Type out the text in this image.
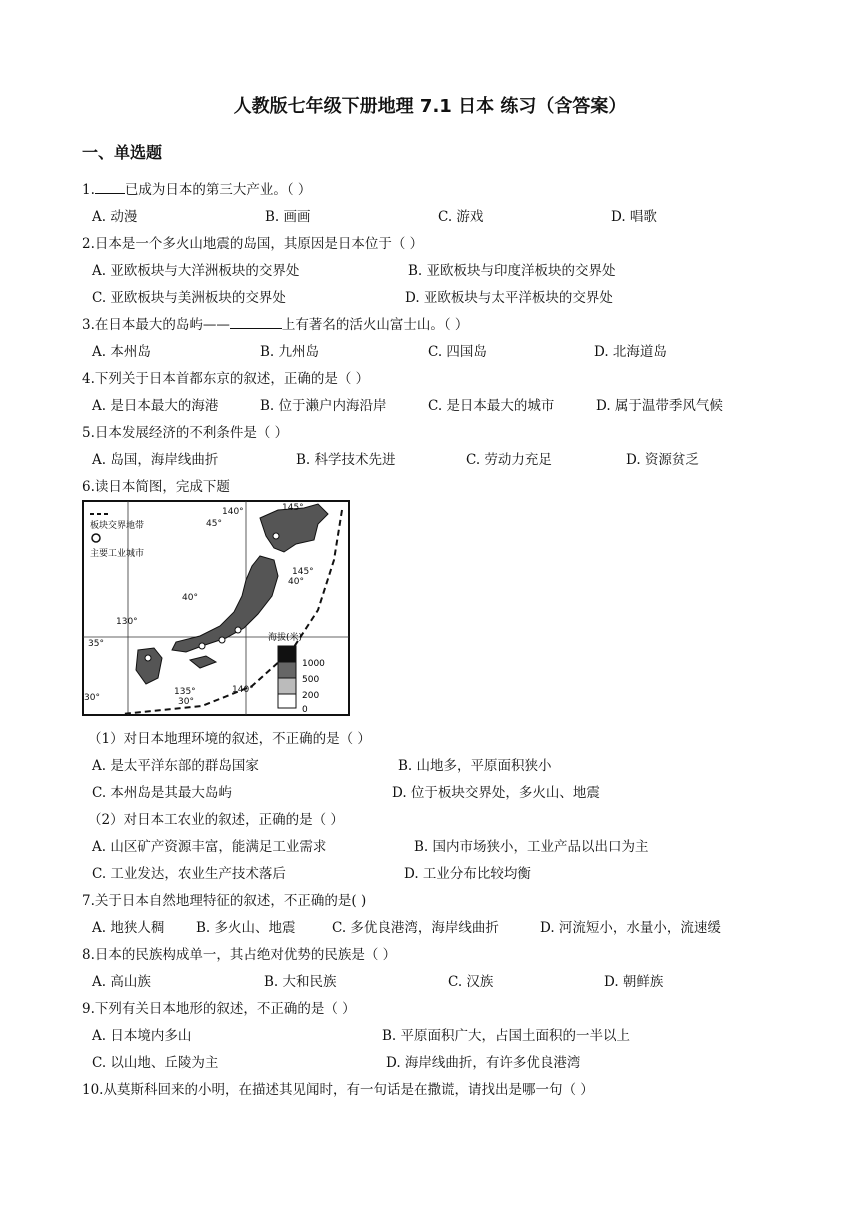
人教版七年级下册地理 7.1 日本 练习（含答案）
一、单选题
1. 已成为日本的第三大产业。（ ）
A. 动漫	B. 画画	C. 游戏	D. 唱歌
2.日本是一个多火山地震的岛国，其原因是日本位于（ ）
A. 亚欧板块与大洋洲板块的交界处	B. 亚欧板块与印度洋板块的交界处
C. 亚欧板块与美洲板块的交界处	D. 亚欧板块与太平洋板块的交界处
3.在日本最大的岛屿——	上有著名的活火山富士山。（ ）
A. 本州岛	B. 九州岛	C. 四国岛	D. 北海道岛
4.下列关于日本首都东京的叙述，正确的是（ ）
A. 是日本最大的海港	B. 位于濑户内海沿岸	C. 是日本最大的城市	D. 属于温带季风气候
5.日本发展经济的不利条件是（ ）
A. 岛国，海岸线曲折	B. 科学技术先进	C. 劳动力充足	D. 资源贫乏
6.读日本简图，完成下题
板块交界地带
主要工业城市
140°	145°
45°
40°
40°
145°
130°
35°
135°	140°
30°
30°
海拔(米)
1000
500
200
0
（1）对日本地理环境的叙述，不正确的是（ ）
A. 是太平洋东部的群岛国家	B. 山地多，平原面积狭小
C. 本州岛是其最大岛屿	D. 位于板块交界处，多火山、地震
（2）对日本工农业的叙述，正确的是（ ）
A. 山区矿产资源丰富，能满足工业需求	B. 国内市场狭小，工业产品以出口为主
C. 工业发达，农业生产技术落后	D. 工业分布比较均衡
7.关于日本自然地理特征的叙述，不正确的是( )
A. 地狭人稠 B. 多火山、地震	C. 多优良港湾，海岸线曲折	D. 河流短小，水量小，流速缓
8.日本的民族构成单一，其占绝对优势的民族是（ ）
A. 高山族	B. 大和民族	C. 汉族	D. 朝鲜族
9.下列有关日本地形的叙述，不正确的是（ ）
A. 日本境内多山	B. 平原面积广大，占国土面积的一半以上
C. 以山地、丘陵为主	D. 海岸线曲折，有许多优良港湾
10.从莫斯科回来的小明，在描述其见闻时，有一句话是在撒谎，请找出是哪一句（ ）
